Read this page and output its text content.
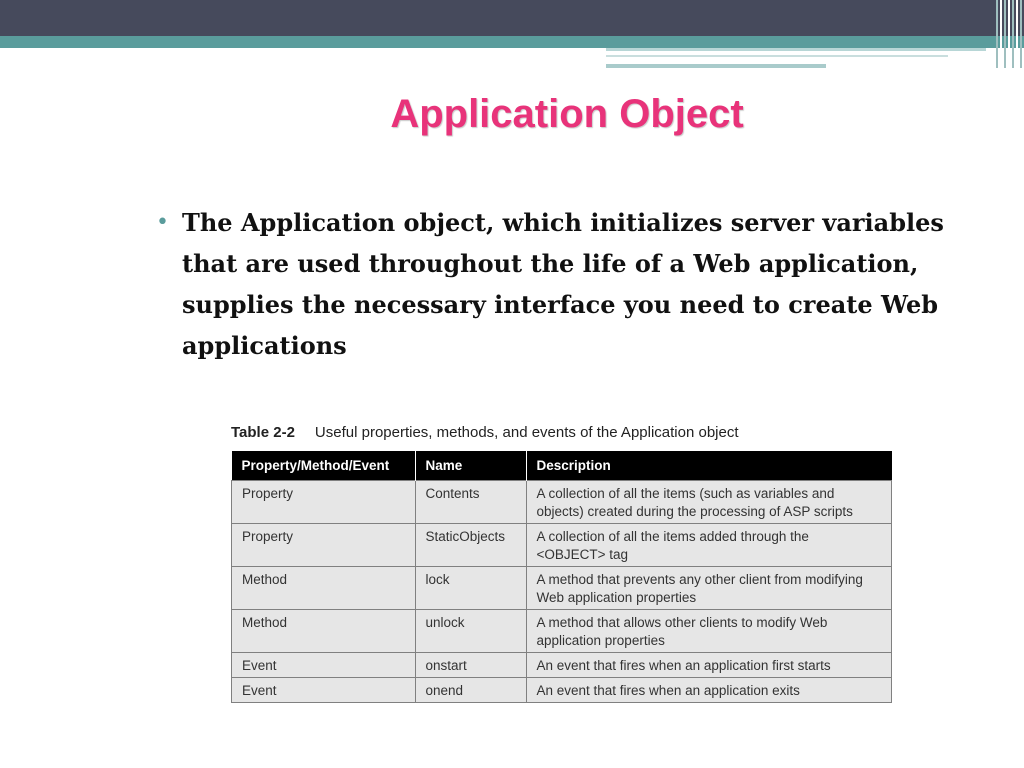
Application Object
• The Application object, which initializes server variables that are used throughout the life of a Web application, supplies the necessary interface you need to create Web applications
Table 2-2 Useful properties, methods, and events of the Application object
Property/Method/Event	Name	Description
Property	Contents	A collection of all the items (such as variables and objects) created during the processing of ASP scripts
Property	StaticObjects	A collection of all the items added through the <OBJECT> tag
Method	lock	A method that prevents any other client from modifying Web application properties
Method	unlock	A method that allows other clients to modify Web application properties
Event	onstart	An event that fires when an application first starts
Event	onend	An event that fires when an application exits
